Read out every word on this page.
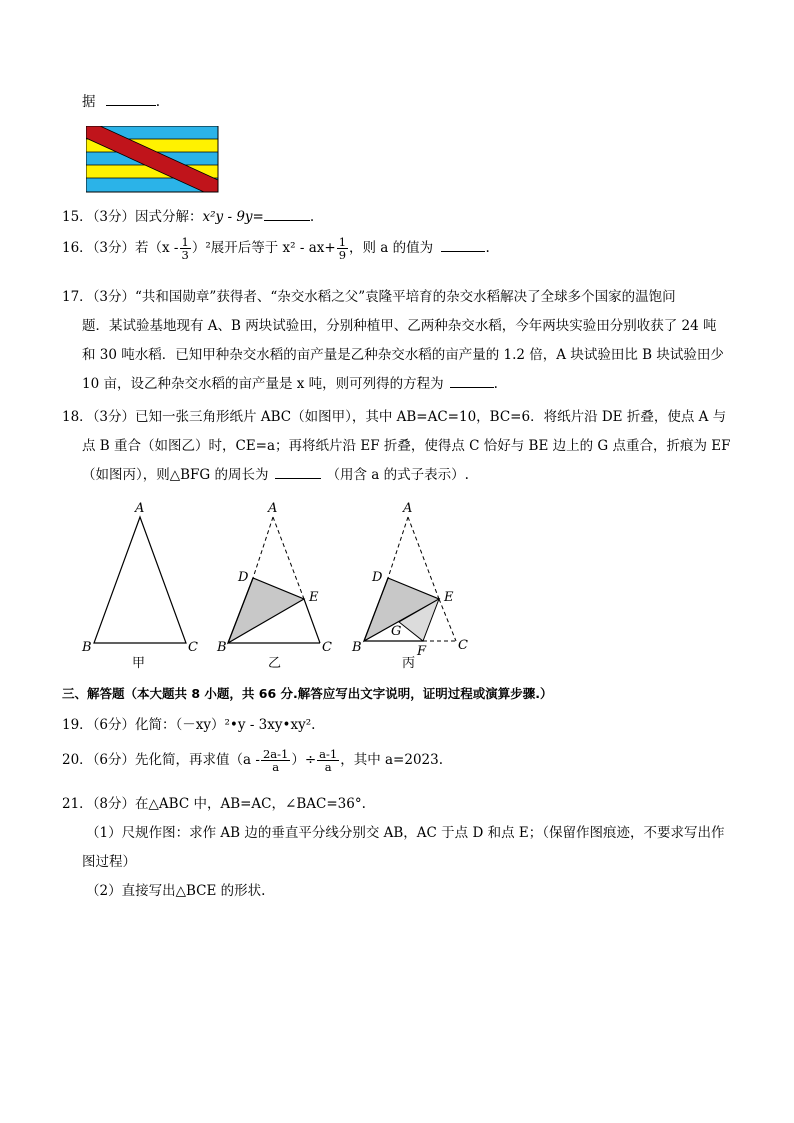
据	.
15．（3分）因式分解：x²y - 9y=	.
16．（3分）若$(x - \frac{1}{3} )^2$展开后等于 $x^2 - ax+ \frac{1}{9}$ ，则 a 的值为	.
17．（3分）“共和国勋章”获得者、“杂交水稻之父”袁隆平培育的杂交水稻解决了全球多个国家的温饱问
题．某试验基地现有 A、B 两块试验田，分别种植甲、乙两种杂交水稻，今年两块实验田分别收获了 24 吨
和 30 吨水稻．已知甲种杂交水稻的亩产量是乙种杂交水稻的亩产量的 1.2 倍，A 块试验田比 B 块试验田少
10 亩，设乙种杂交水稻的亩产量是 x 吨，则可列得的方程为	.
18．（3分）已知一张三角形纸片 ABC（如图甲），其中 AB=AC=10，BC=6．将纸片沿 DE 折叠，使点 A 与
点 B 重合（如图乙）时，CE=a；再将纸片沿 EF 折叠，使得点 C 恰好与 BE 边上的 G 点重合，折痕为 EF
（如图丙），则△BFG 的周长为	（用含 a 的式子表示）.
A
B	C
甲
A
D
E
B	C
乙
A
D
E
G
B	F C
丙
三、解答题（本大题共 8 小题，共 66 分.解答应写出文字说明，证明过程或演算步骤.）
19．（6分）化简：（－xy）²•y - 3xy•xy².
20．（6分）先化简，再求值（$a - \frac{2a-1}{a}$ ）÷ $\frac{a-1}{a}$ ，其中 a=2023.
21．（8分）在△ABC 中，AB=AC，∠BAC=36°.
（1）尺规作图：求作 AB 边的垂直平分线分别交 AB，AC 于点 D 和点 E；（保留作图痕迹，不要求写出作
图过程）
（2）直接写出△BCE 的形状.
